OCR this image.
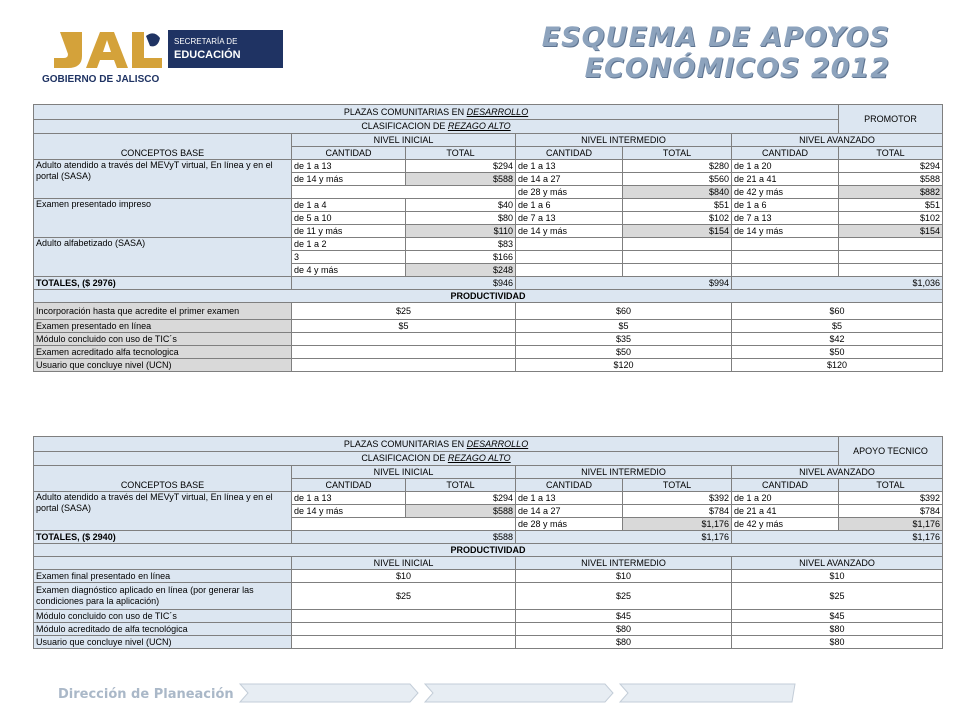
SECRETARÍA DE
EDUCACIÓN
GOBIERNO DE JALISCO
ESQUEMA DE APOYOS
ECONÓMICOS 2012
PLAZAS COMUNITARIAS EN DESARROLLO						PROMOTOR
CLASIFICACION DE REZAGO ALTO						
CONCEPTOS BASE	NIVEL INICIAL		NIVEL INTERMEDIO		NIVEL AVANZADO	
	CANTIDAD	TOTAL	CANTIDAD	TOTAL	CANTIDAD	TOTAL
Adulto atendido a través del MEVyT virtual, En línea y en el portal (SASA)	de 1 a 13	$294	de 1 a 13	$280	de 1 a 20	$294
	de 14 y más	$588	de 14 a 27	$560	de 21 a 41	$588
			de 28 y más	$840	de 42 y más	$882
Examen presentado impreso	de 1 a 4	$40	de 1 a 6	$51	de 1 a 6	$51
	de 5 a 10	$80	de 7 a 13	$102	de 7 a 13	$102
	de 11 y más	$110	de 14 y más	$154	de 14 y más	$154
Adulto alfabetizado (SASA)	de 1 a 2	$83				
	3	$166				
	de 4 y más	$248				
TOTALES, ($ 2976)	$946		$994		$1,036	
PRODUCTIVIDAD						
Incorporación hasta que acredite el primer examen	$25		$60		$60	
Examen presentado en línea	$5		$5		$5	
Módulo concluido con uso de TIC´s			$35		$42	
Examen acreditado alfa tecnologica			$50		$50	
Usuario que concluye nivel (UCN)			$120		$120	
PLAZAS COMUNITARIAS EN DESARROLLO						APOYO TECNICO
CLASIFICACION DE REZAGO ALTO						
CONCEPTOS BASE	NIVEL INICIAL		NIVEL INTERMEDIO		NIVEL AVANZADO	
	CANTIDAD	TOTAL	CANTIDAD	TOTAL	CANTIDAD	TOTAL
Adulto atendido a través del MEVyT virtual, En línea y en el portal (SASA)	de 1 a 13	$294	de 1 a 13	$392	de 1 a 20	$392
	de 14 y más	$588	de 14 a 27	$784	de 21 a 41	$784
			de 28 y más	$1,176	de 42 y más	$1,176
TOTALES, ($ 2940)	$588		$1,176		$1,176	
PRODUCTIVIDAD						
	NIVEL INICIAL		NIVEL INTERMEDIO		NIVEL AVANZADO	
Examen final presentado en línea	$10		$10		$10	
Examen diagnóstico aplicado en línea (por generar las condiciones para la aplicación)	$25		$25		$25	
Módulo concluido con uso de TIC´s			$45		$45	
Módulo acreditado de alfa tecnológica			$80		$80	
Usuario que concluye nivel (UCN)			$80		$80	
Dirección de Planeación
